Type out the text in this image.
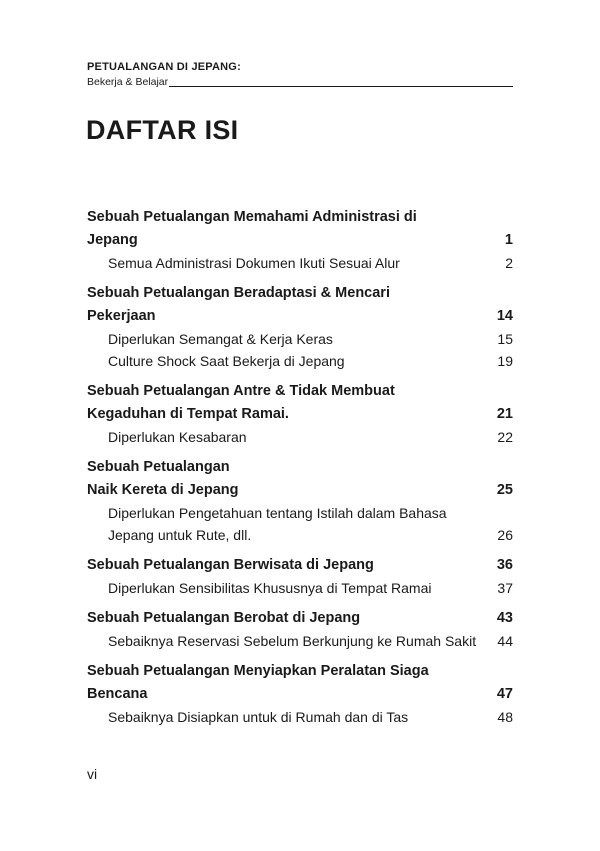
PETUALANGAN DI JEPANG:
Bekerja & Belajar
DAFTAR ISI
Sebuah Petualangan Memahami Administrasi di Jepang	1
Semua Administrasi Dokumen Ikuti Sesuai Alur	2
Sebuah Petualangan Beradaptasi & Mencari Pekerjaan	14
Diperlukan Semangat & Kerja Keras	15
Culture Shock Saat Bekerja di Jepang	19
Sebuah Petualangan Antre & Tidak Membuat Kegaduhan di Tempat Ramai.	21
Diperlukan Kesabaran	22
Sebuah Petualangan
Naik Kereta di Jepang	25
Diperlukan Pengetahuan tentang Istilah dalam Bahasa Jepang untuk Rute, dll.	26
Sebuah Petualangan Berwisata di Jepang	36
Diperlukan Sensibilitas Khususnya di Tempat Ramai	37
Sebuah Petualangan Berobat di Jepang	43
Sebaiknya Reservasi Sebelum Berkunjung ke Rumah Sakit	44
Sebuah Petualangan Menyiapkan Peralatan Siaga Bencana	47
Sebaiknya Disiapkan untuk di Rumah dan di Tas	48
vi
